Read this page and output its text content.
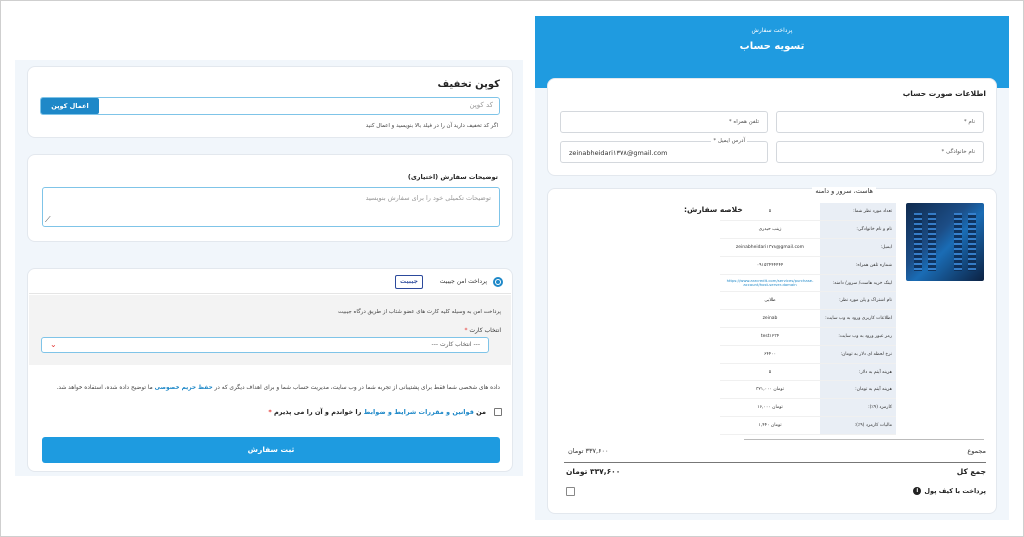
کوپن تخفیف
کد کوپن
اعمال کوپن
اگر کد تخفیف دارید آن را در فیلد بالا بنویسید و اعمال کنید
توضیحات سفارش (اختیاری)
توضیحات تکمیلی خود را برای سفارش بنویسید
⟋
پرداخت امن جیبیت
جیبیت
پرداخت امن به وسیله کلیه کارت های عضو شتاب از طریق درگاه جیبیت
انتخاب کارت *
--- انتخاب کارت ---
⌄
داده های شخصی شما فقط برای پشتیبانی از تجربه شما در وب سایت، مدیریت حساب شما و برای اهداف دیگری که در حفظ حریم خصوصی ما توضیح داده شده، استفاده خواهد شد.
من قوانین و مقررات شرایط و ضوابط را خواندم و آن را می پذیرم *
ثبت سفارش
پرداخت سفارش
تسویه حساب
اطلاعات صورت حساب
نام *
تلفن همراه *
نام خانوادگی *
آدرس ایمیل *
zeinabheidari۱۳۷۸@gmail.com
هاست، سرور و دامنه
خلاصه سفارش:	۵	تعداد مورد نظر شما:
زینب حیدری	نام و نام خانوادگی:
zeinabheidari۱۳۷۸@gmail.com	ایمیل:
۰۹۱۵۳۴۴۴۴۴۴	شماره تلفن همراه:
https://www.arzcredit.com/services/purchase-account/host-server-domain	لینک خرید هاست/ سرور/ دامنه:
طلایی	نام اشتراک و پلن مورد نظر:
zeinab	اطلاعات کاربری ورود به وب سایت:
test۱۲۳۴	رمز عبور ورود به وب سایت:
۶۴۴۰۰	نرخ لحظه ای دلار به تومان:
۵	هزینه آیتم به دلار:
۳۲۱,۰۰۰ تومان	هزینه آیتم به تومان:
۱۶,۰۰۰ تومان	کارمزد (۹٪):
۱,۴۴۰ تومان	مالیات کارمزد (۹٪):
مجموع
۳۳۷,۶۰۰ تومان
جمع کل
۳۳۷,۶۰۰ تومان
پرداخت با کیف پول
i
